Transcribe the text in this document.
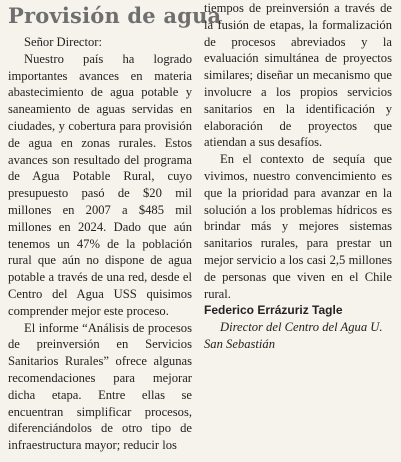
Provisión de agua

Señor Director:

Nuestro país ha logrado importantes avances en materia abastecimiento de agua potable y saneamiento de aguas servidas en ciudades, y cobertura para provisión de agua en zonas rurales. Estos avances son resultado del programa de Agua Potable Rural, cuyo presupuesto pasó de $20 mil millones en 2007 a $485 mil millones en 2024. Dado que aún tenemos un 47% de la población rural que aún no dispone de agua potable a través de una red, desde el Centro del Agua USS quisimos comprender mejor este proceso.

El informe “Análisis de procesos de preinversión en Servicios Sanitarios Rurales” ofrece algunas recomendaciones para mejorar dicha etapa. Entre ellas se encuentran simplificar procesos, diferenciándolos de otro tipo de infraestructura mayor; reducir los

tiempos de preinversión a través de la fusión de etapas, la formalización de procesos abreviados y la evaluación simultánea de proyectos similares; diseñar un mecanismo que involucre a los propios servicios sanitarios en la identificación y elaboración de proyectos que atiendan a sus desafíos.

En el contexto de sequía que vivimos, nuestro convencimiento es que la prioridad para avanzar en la solución a los problemas hídricos es brindar más y mejores sistemas sanitarios rurales, para prestar un mejor servicio a los casi 2,5 millones de personas que viven en el Chile rural.

Federico Errázuriz Tagle

Director del Centro del Agua U. San Sebastián
